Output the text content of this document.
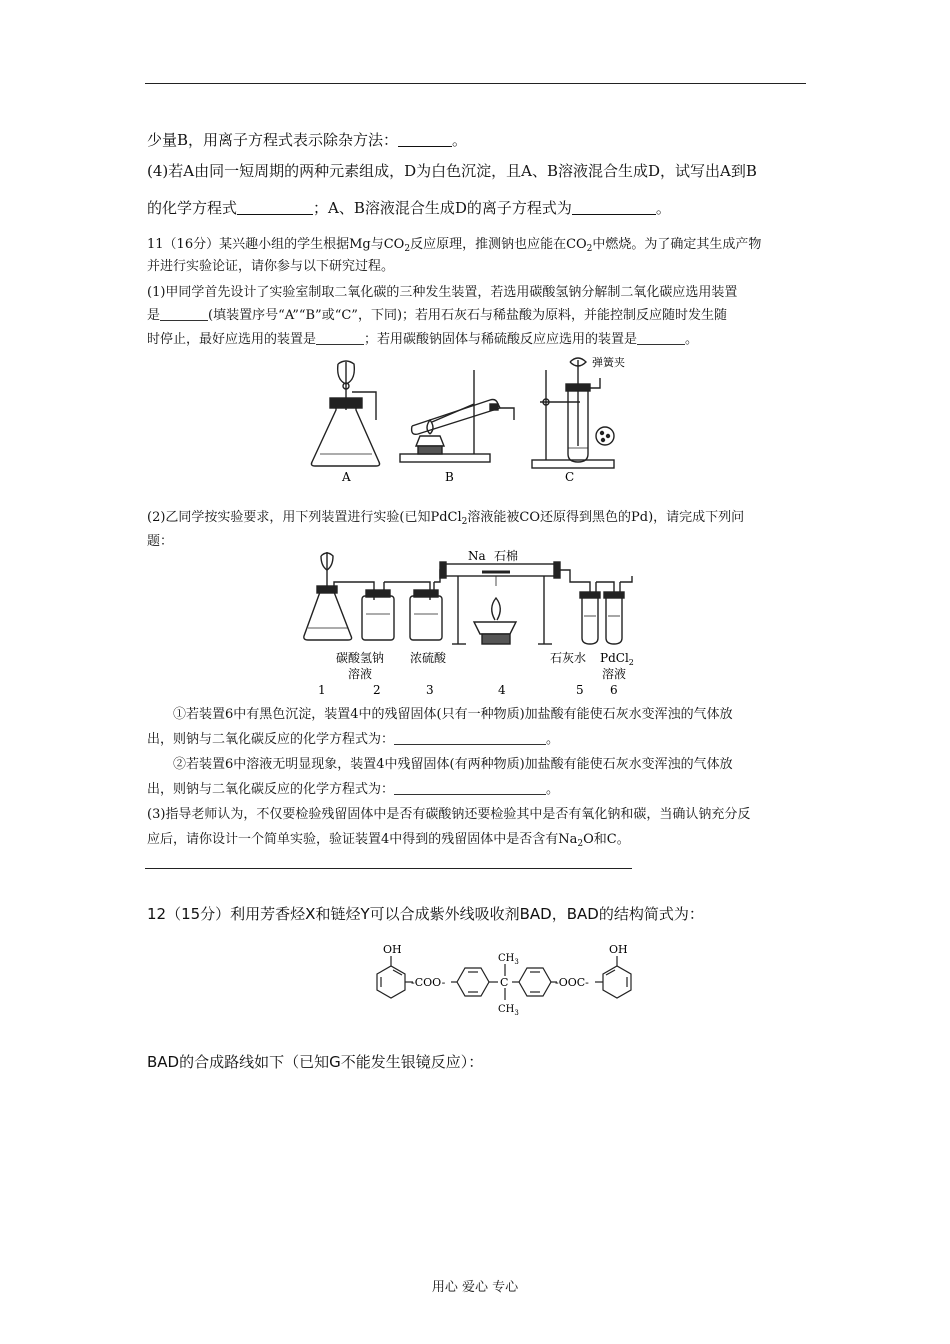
少量B，用离子方程式表示除杂方法：	。
(4)若A由同一短周期的两种元素组成，D为白色沉淀，且A、B溶液混合生成D，试写出A到B
的化学方程式	；A、B溶液混合生成D的离子方程式为	。
11（16分）某兴趣小组的学生根据Mg与$CO_2$反应原理，推测钠也应能在$CO_2$中燃烧。为了确定其生成产物
并进行实验论证，请你参与以下研究过程。
(1)甲同学首先设计了实验室制取二氧化碳的三种发生装置，若选用碳酸氢钠分解制二氧化碳应选用装置
是	(填装置序号“A”“B”或“C”，下同)；若用石灰石与稀盐酸为原料，并能控制反应随时发生随
时停止，最好应选用的装置是	；若用碳酸钠固体与稀硫酸反应应选用的装置是	。
A	B	C
弹簧夹
(2)乙同学按实验要求，用下列装置进行实验(已知PdCl$_2$溶液能被CO还原得到黑色的Pd)，请完成下列问
题：
Na 石棉
碳酸氢钠
溶液
浓硫酸	石灰水 PdCl$_2$
溶液
1	2	3	4	5 6
①若装置6中有黑色沉淀，装置4中的残留固体(只有一种物质)加盐酸有能使石灰水变浑浊的气体放
出，则钠与二氧化碳反应的化学方程式为：	。
②若装置6中溶液无明显现象，装置4中残留固体(有两种物质)加盐酸有能使石灰水变浑浊的气体放
出，则钠与二氧化碳反应的化学方程式为：	。
(3)指导老师认为，不仅要检验残留固体中是否有碳酸钠还要检验其中是否有氧化钠和碳，当确认钠充分反
应后，请你设计一个简单实验，验证装置4中得到的残留固体中是否含有$Na_2O$和C。
12（15分）利用芳香烃X和链烃Y可以合成紫外线吸收剂BAD，BAD的结构简式为：
OH
-COO-	C
$CH_3$
$CH_3$
-OOC-
OH
BAD的合成路线如下（已知G不能发生银镜反应）：
用心 爱心 专心
